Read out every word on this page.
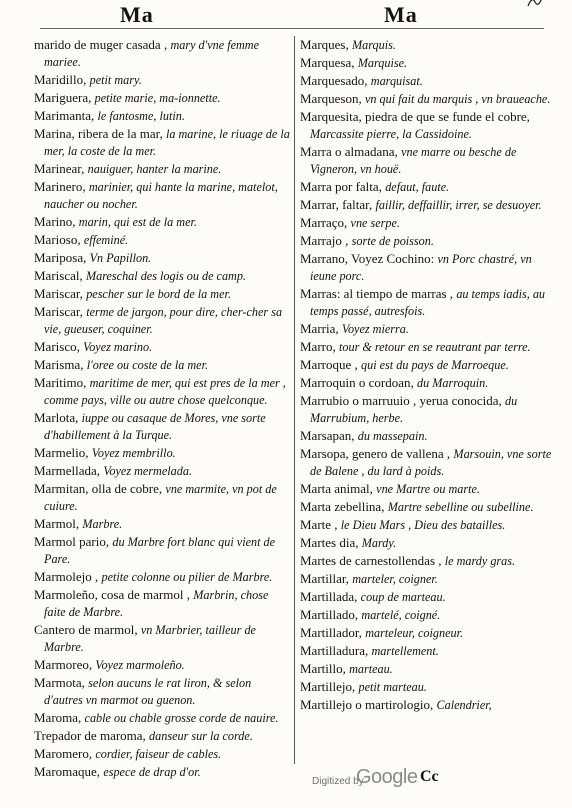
Ma	Ma
marido de muger casada , mary d'vne femme mariee.
Maridillo, petit mary.
Mariguera, petite marie, ma-ionnette.
Marimanta, le fantosme, lutin.
Marina, ribera de la mar, la marine, le riuage de la mer, la coste de la mer.
Marinear, nauiguer, hanter la marine.
Marinero, marinier, qui hante la marine, matelot, naucher ou nocher.
Marino, marin, qui est de la mer.
Marioso, effeminé.
Mariposa, Vn Papillon.
Mariscal, Mareschal des logis ou de camp.
Mariscar, pescher sur le bord de la mer.
Mariscar, terme de jargon, pour dire, cher-cher sa vie, gueuser, coquiner.
Marisco, Voyez marino.
Marisma, l'oree ou coste de la mer.
Maritimo, maritime de mer, qui est pres de la mer , comme pays, ville ou autre chose quelconque.
Marlota, iuppe ou casaque de Mores, vne sorte d'habillement à la Turque.
Marmelio, Voyez membrillo.
Marmellada, Voyez mermelada.
Marmitan, olla de cobre, vne marmite, vn pot de cuiure.
Marmol, Marbre.
Marmol pario, du Marbre fort blanc qui vient de Pare.
Marmolejo , petite colonne ou pilier de Marbre.
Marmoleño, cosa de marmol , Marbrin, chose faite de Marbre.
Cantero de marmol, vn Marbrier, tailleur de Marbre.
Marmoreo, Voyez marmoleño.
Marmota, selon aucuns le rat liron, & selon d'autres vn marmot ou guenon.
Maroma, cable ou chable grosse corde de nauire.
Trepador de maroma, danseur sur la corde.
Maromero, cordier, faiseur de cables.
Maromaque, espece de drap d'or.
Marques, Marquis.
Marquesa, Marquise.
Marquesado, marquisat.
Marqueson, vn qui fait du marquis , vn braueache.
Marquesita, piedra de que se funde el cobre, Marcassite pierre, la Cassidoine.
Marra o almadana, vne marre ou besche de Vigneron, vn houë.
Marra por falta, defaut, faute.
Marrar, faltar, faillir, deffaillir, irrer, se desuoyer.
Marraço, vne serpe.
Marrajo , sorte de poisson.
Marrano, Voyez Cochino: vn Porc chastré, vn ieune porc.
Marras: al tiempo de marras , au temps iadis, au temps passé, autresfois.
Marria, Voyez mierra.
Marro, tour & retour en se reautrant par terre.
Marroque , qui est du pays de Marroeque.
Marroquin o cordoan, du Marroquin.
Marrubio o marruuio , yerua conocida, du Marrubium, herbe.
Marsapan, du massepain.
Marsopa, genero de vallena , Marsouin, vne sorte de Balene , du lard à poids.
Marta animal, vne Martre ou marte.
Marta zebellina, Martre sebelline ou subelline.
Marte , le Dieu Mars , Dieu des batailles.
Martes dia, Mardy.
Martes de carnestollendas , le mardy gras.
Martillar, marteler, coigner.
Martillada, coup de marteau.
Martillado, martelé, coigné.
Martillador, marteleur, coigneur.
Martilladura, martellement.
Martillo, marteau.
Martillejo, petit marteau.
Martillejo o martirologio, Calendrier,
Digitized by
Google Cc
